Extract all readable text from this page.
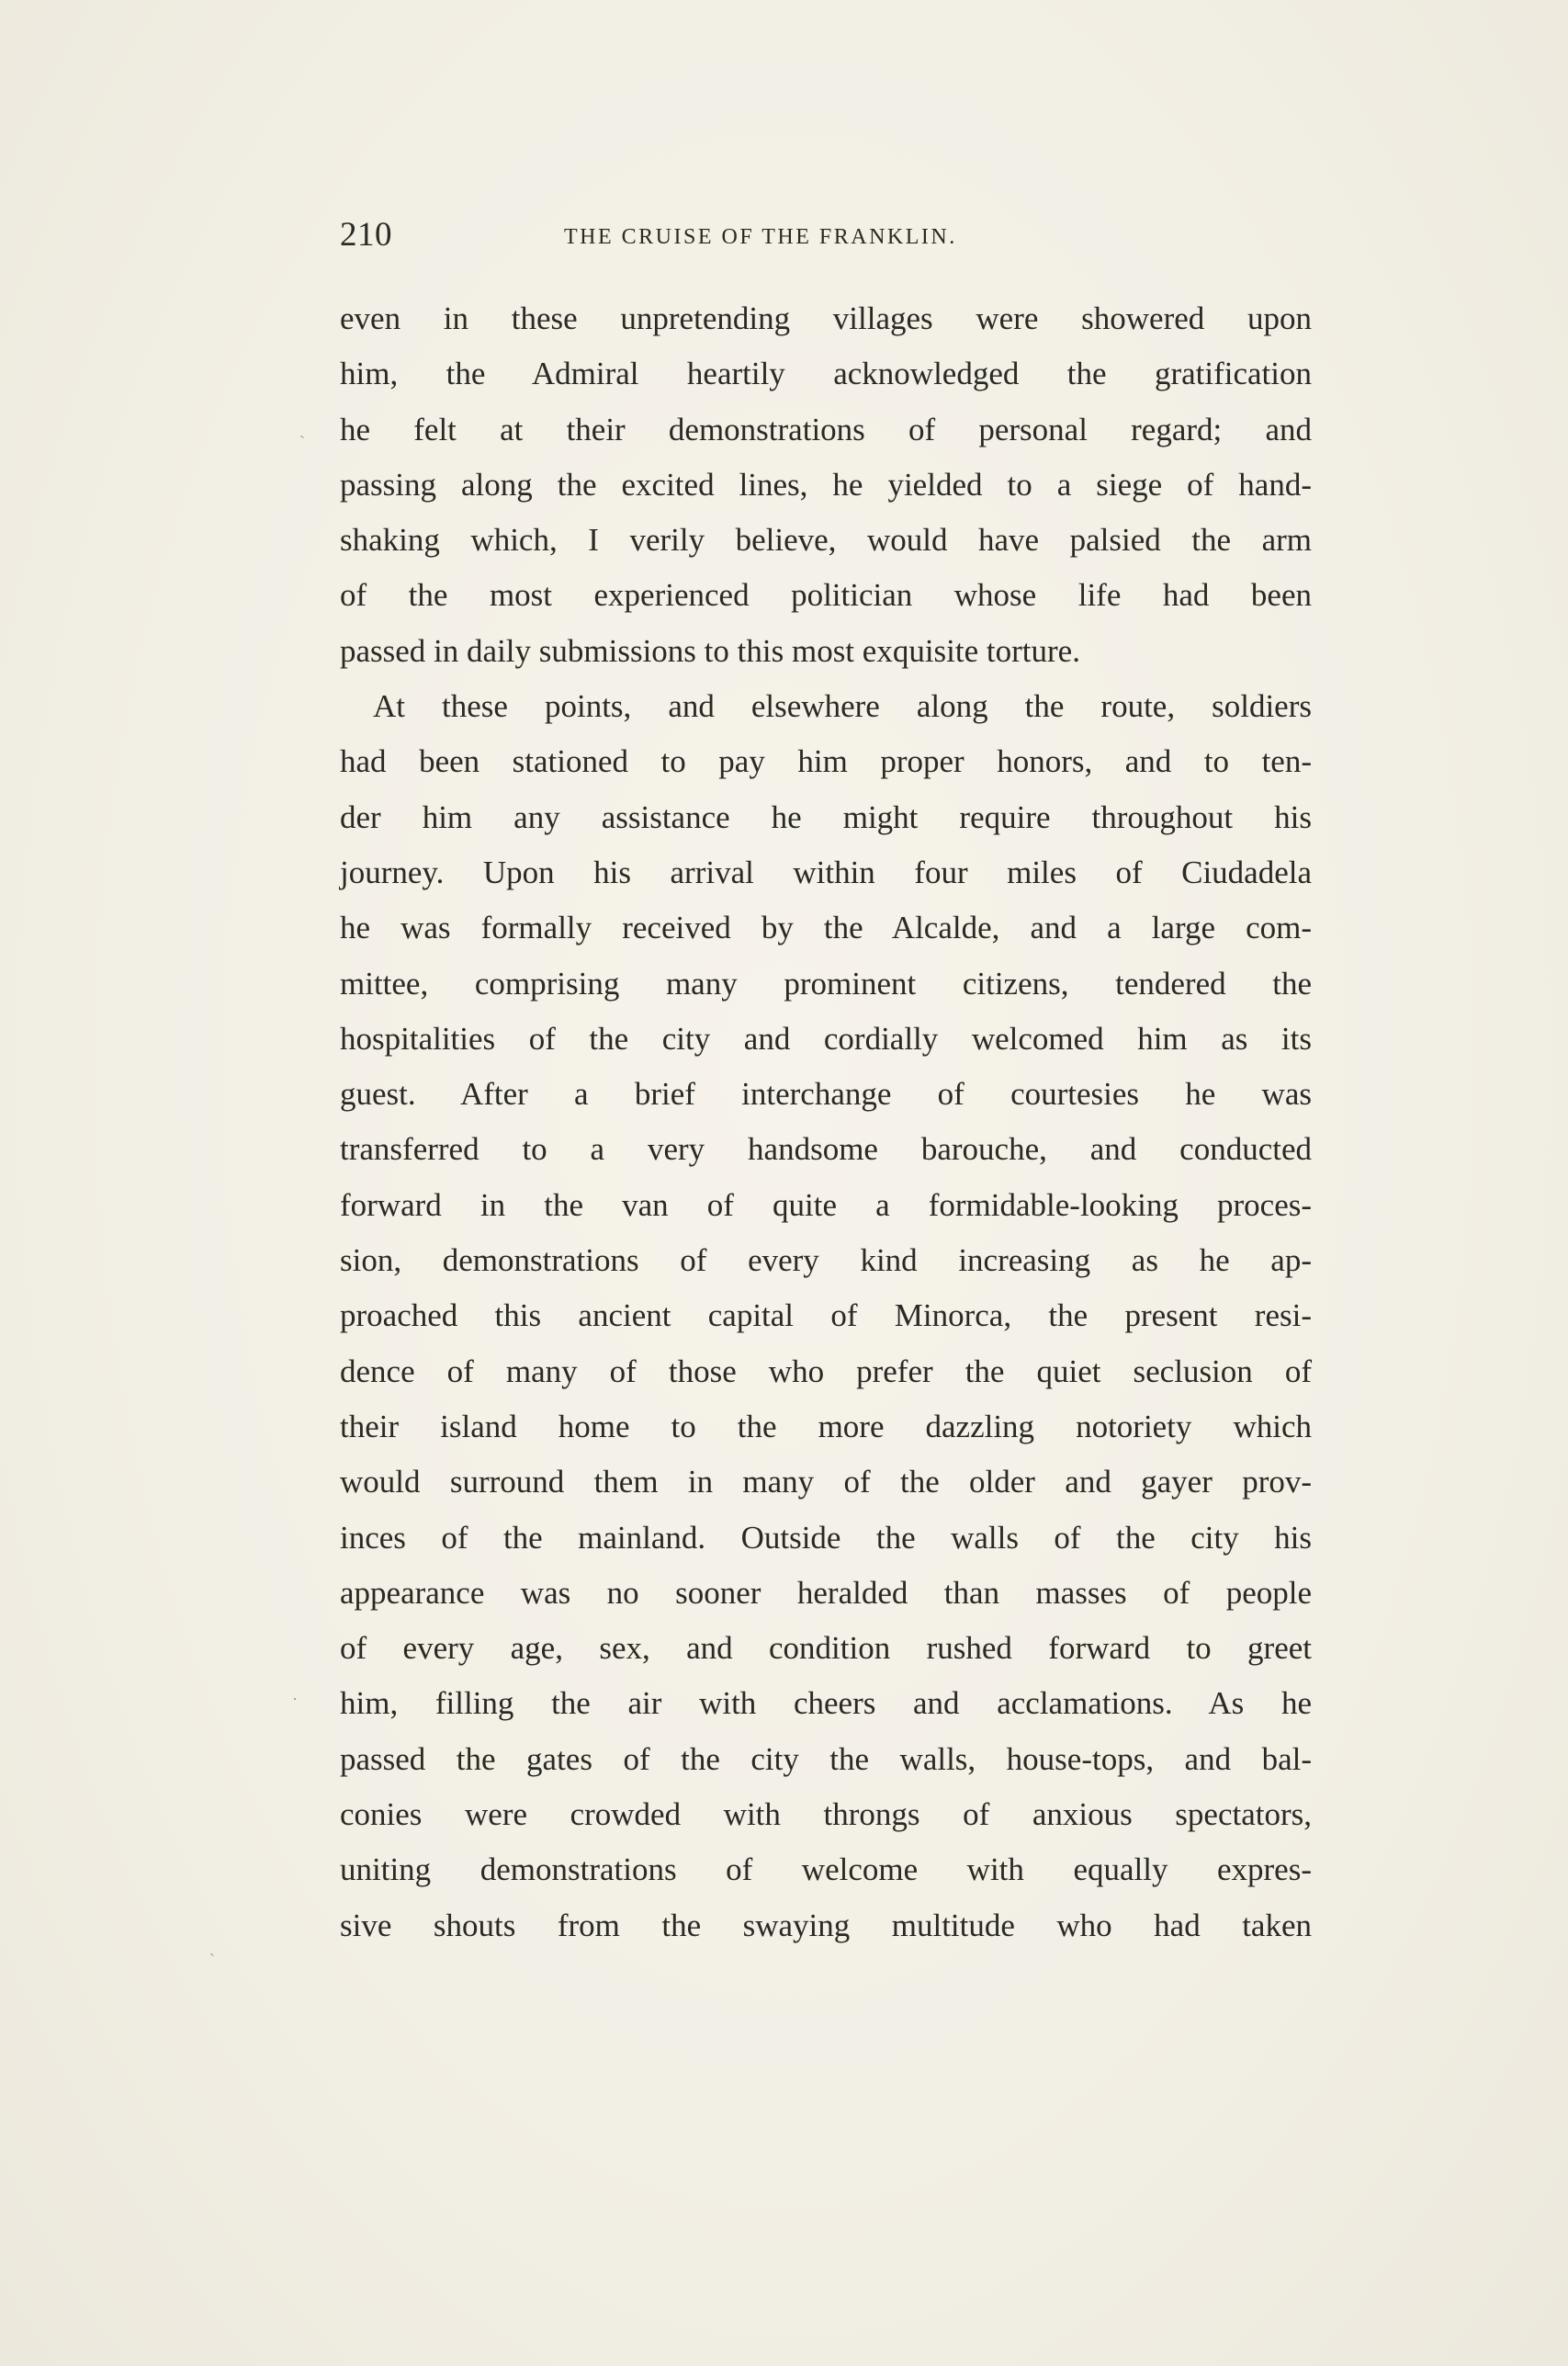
210	THE CRUISE OF THE FRANKLIN.
even in these unpretending villages were showered upon
him, the Admiral heartily acknowledged the gratification
he felt at their demonstrations of personal regard; and
passing along the excited lines, he yielded to a siege of hand-
shaking which, I verily believe, would have palsied the arm
of the most experienced politician whose life had been
passed in daily submissions to this most exquisite torture.
At these points, and elsewhere along the route, soldiers
had been stationed to pay him proper honors, and to ten-
der him any assistance he might require throughout his
journey. Upon his arrival within four miles of Ciudadela
he was formally received by the Alcalde, and a large com-
mittee, comprising many prominent citizens, tendered the
hospitalities of the city and cordially welcomed him as its
guest. After a brief interchange of courtesies he was
transferred to a very handsome barouche, and conducted
forward in the van of quite a formidable-looking proces-
sion, demonstrations of every kind increasing as he ap-
proached this ancient capital of Minorca, the present resi-
dence of many of those who prefer the quiet seclusion of
their island home to the more dazzling notoriety which
would surround them in many of the older and gayer prov-
inces of the mainland. Outside the walls of the city his
appearance was no sooner heralded than masses of people
of every age, sex, and condition rushed forward to greet
him, filling the air with cheers and acclamations. As he
passed the gates of the city the walls, house-tops, and bal-
conies were crowded with throngs of anxious spectators,
uniting demonstrations of welcome with equally expres-
sive shouts from the swaying multitude who had taken
ˎ
·
ˏ
